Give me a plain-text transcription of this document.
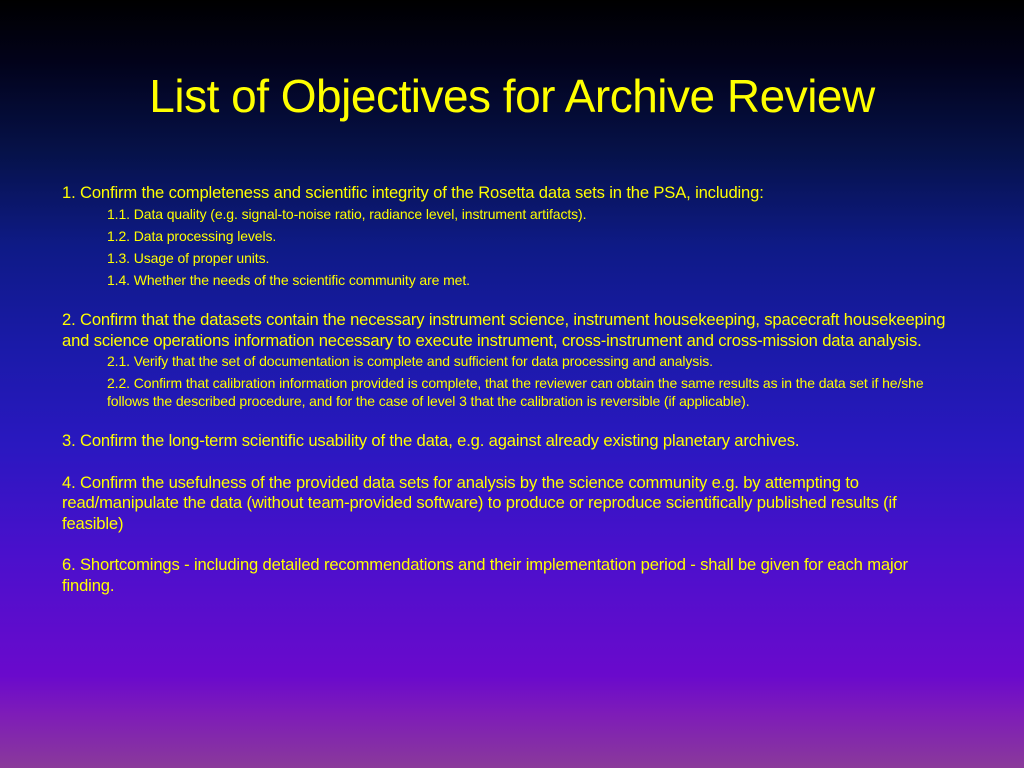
List of Objectives for Archive Review
1. Confirm the completeness and scientific integrity of the Rosetta data sets in the PSA, including:
1.1. Data quality (e.g. signal-to-noise ratio, radiance level, instrument artifacts).
1.2. Data processing levels.
1.3. Usage of proper units.
1.4. Whether the needs of the scientific community are met.
2. Confirm that the datasets contain the necessary instrument science, instrument housekeeping, spacecraft housekeeping and science operations information necessary to execute instrument, cross-instrument and cross-mission data analysis.
2.1. Verify that the set of documentation is complete and sufficient for data processing and analysis.
2.2. Confirm that calibration information provided is complete, that the reviewer can obtain the same results as in the data set if he/she follows the described procedure, and for the case of level 3 that the calibration is reversible (if applicable).
3. Confirm the long-term scientific usability of the data, e.g. against already existing planetary archives.
4. Confirm the usefulness of the provided data sets for analysis by the science community e.g. by attempting to read/manipulate the data (without team-provided software) to produce or reproduce scientifically published results (if feasible)
6. Shortcomings - including detailed recommendations and their implementation period - shall be given for each major finding.
